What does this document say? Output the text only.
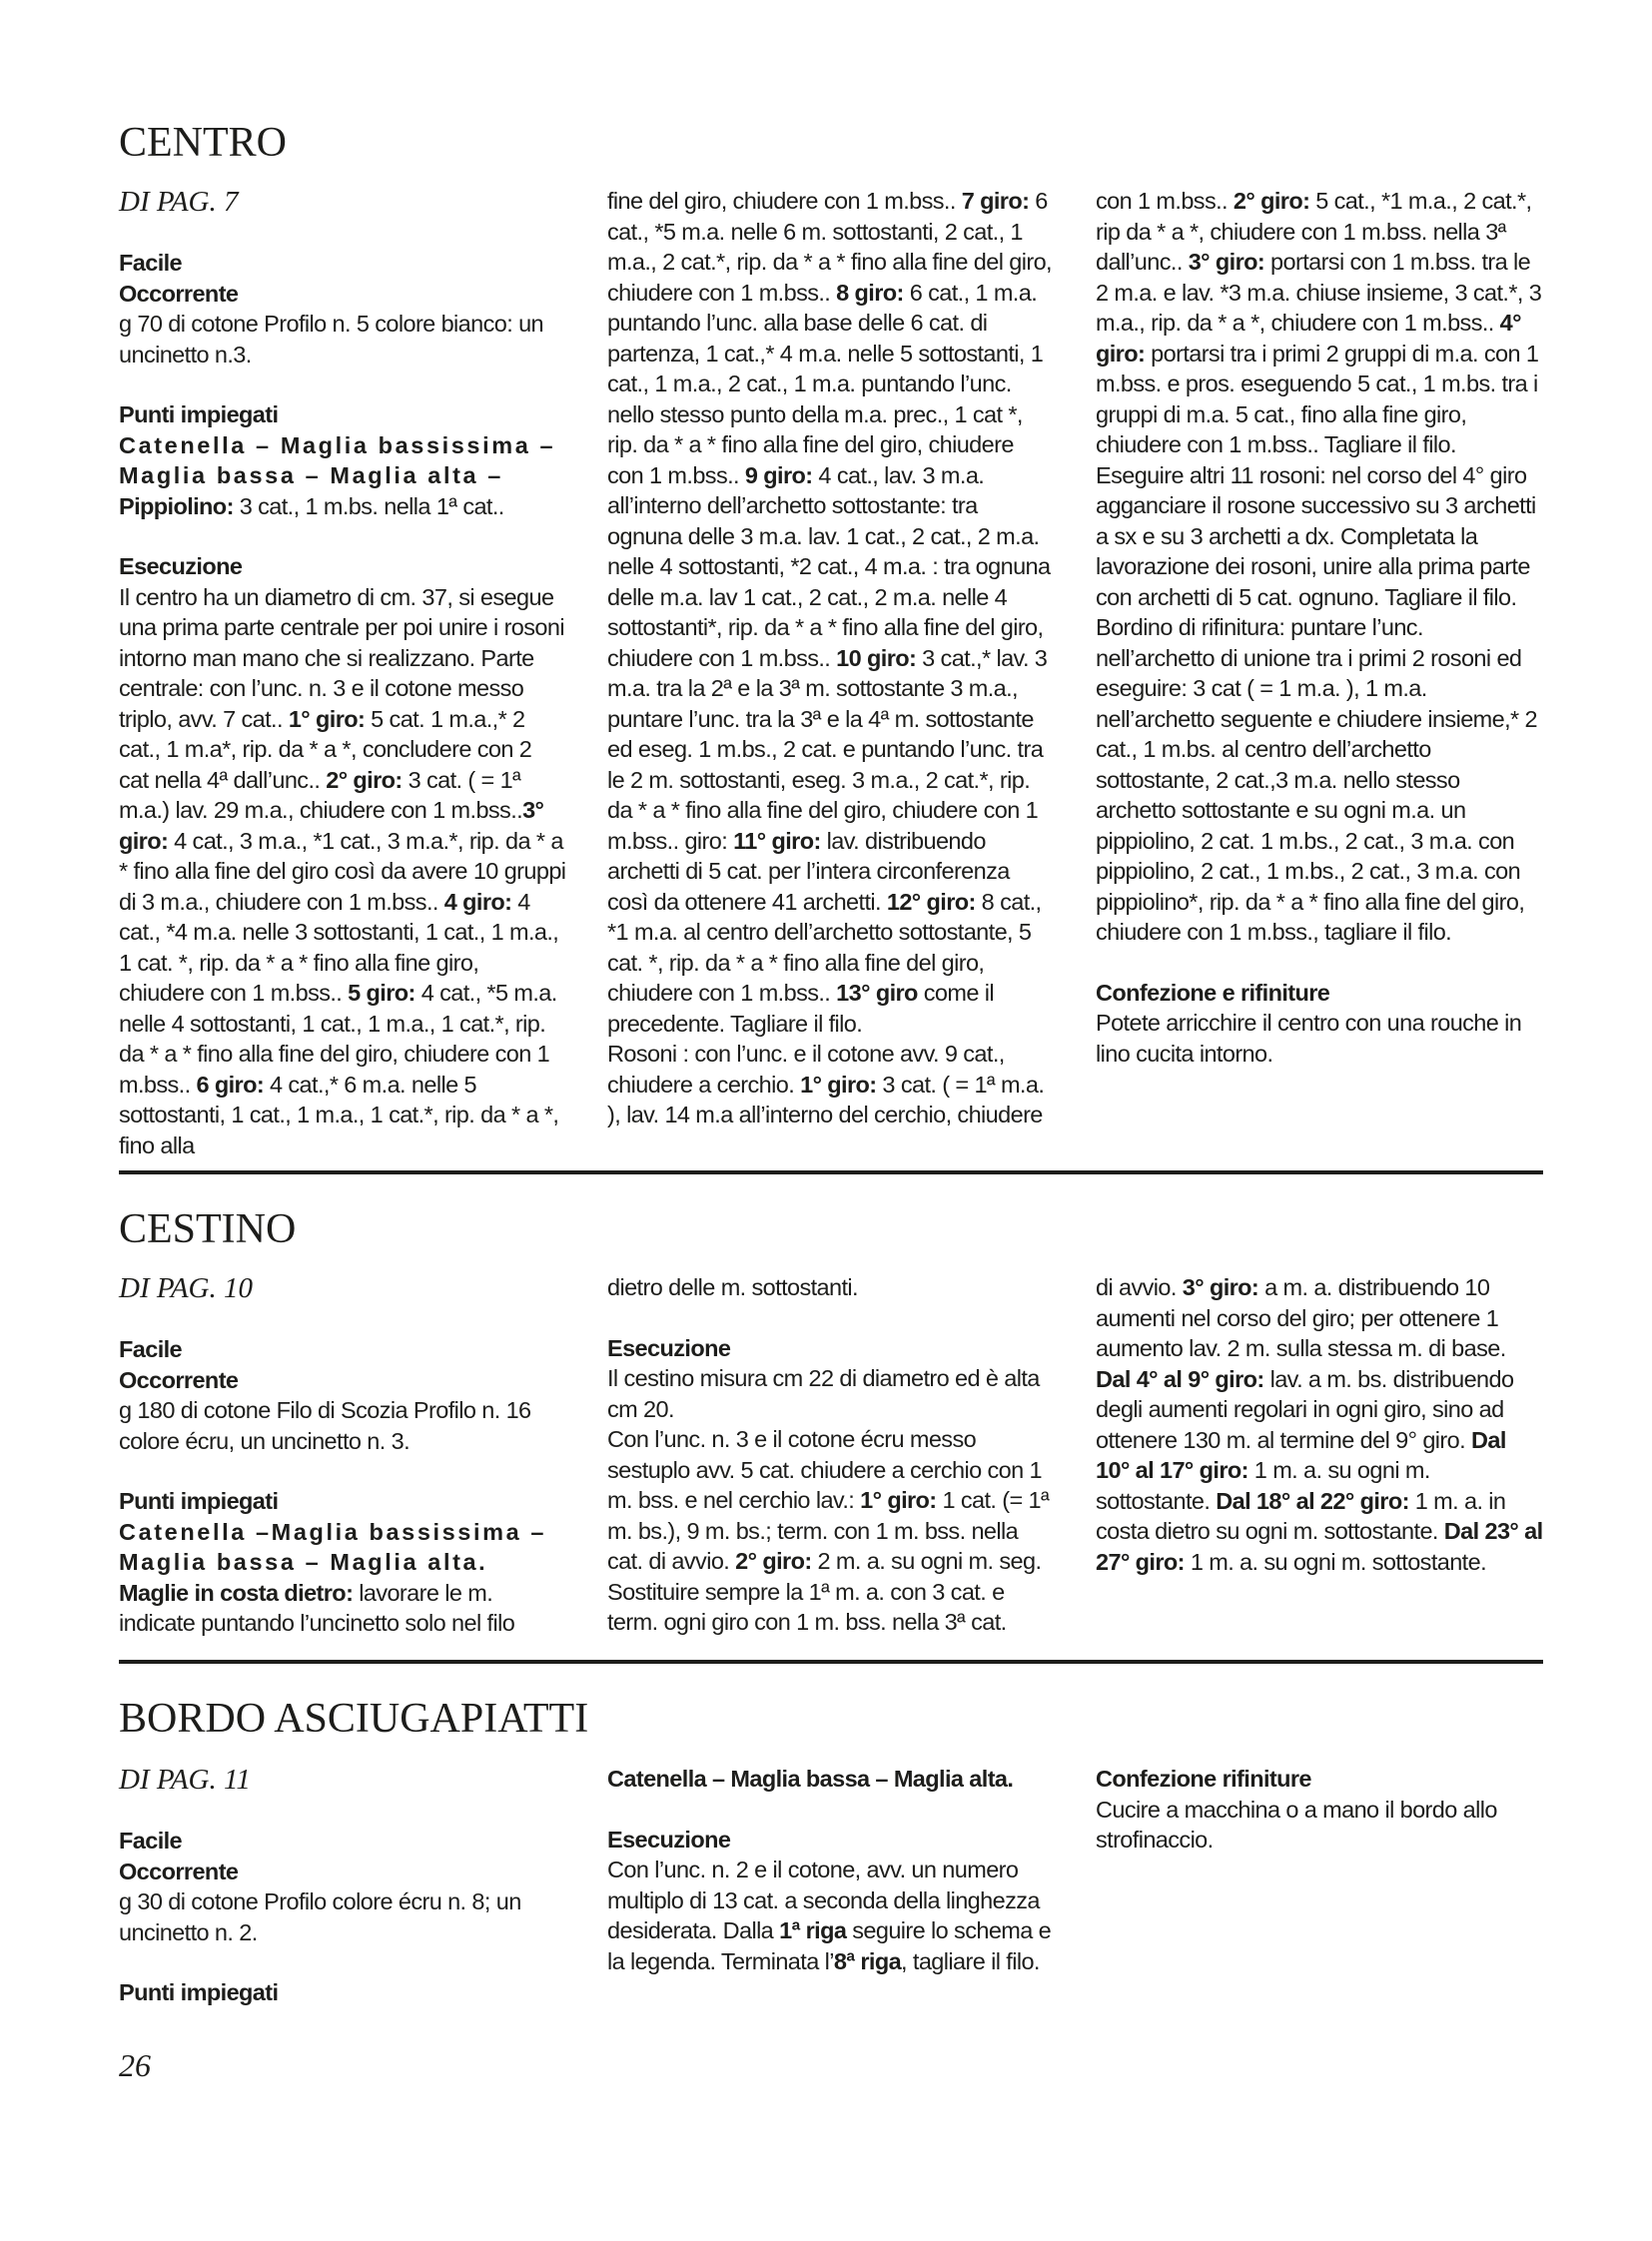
CENTRO
DI PAG. 7

Facile

Occorrente

g 70 di cotone Profilo n. 5 colore bianco: un uncinetto n.3.

Punti impiegati

Catenella – Maglia bassissima – Maglia bassa – Maglia alta –

Pippiolino: 3 cat., 1 m.bs. nella 1ª cat..

Esecuzione

Il centro ha un diametro di cm. 37, si esegue una prima parte centrale per poi unire i rosoni intorno man mano che si realizzano. Parte centrale: con l’unc. n. 3 e il cotone messo triplo, avv. 7 cat.. 1° giro: 5 cat. 1 m.a.,* 2 cat., 1 m.a*, rip. da * a *, concludere con 2 cat nella 4ª dall’unc.. 2° giro: 3 cat. ( = 1ª m.a.) lav. 29 m.a., chiudere con 1 m.bss..3° giro: 4 cat., 3 m.a., *1 cat., 3 m.a.*, rip. da * a * fino alla fine del giro così da avere 10 gruppi di 3 m.a., chiudere con 1 m.bss.. 4 giro: 4 cat., *4 m.a. nelle 3 sottostanti, 1 cat., 1 m.a., 1 cat. *, rip. da * a * fino alla fine giro, chiudere con 1 m.bss.. 5 giro: 4 cat., *5 m.a. nelle 4 sottostanti, 1 cat., 1 m.a., 1 cat.*, rip. da * a * fino alla fine del giro, chiudere con 1 m.bss.. 6 giro: 4 cat.,* 6 m.a. nelle 5 sottostanti, 1 cat., 1 m.a., 1 cat.*, rip. da * a *, fino alla

fine del giro, chiudere con 1 m.bss.. 7 giro: 6 cat., *5 m.a. nelle 6 m. sottostanti, 2 cat., 1 m.a., 2 cat.*, rip. da * a * fino alla fine del giro, chiudere con 1 m.bss.. 8 giro: 6 cat., 1 m.a. puntando l’unc. alla base delle 6 cat. di partenza, 1 cat.,* 4 m.a. nelle 5 sottostanti, 1 cat., 1 m.a., 2 cat., 1 m.a. puntando l’unc. nello stesso punto della m.a. prec., 1 cat *, rip. da * a * fino alla fine del giro, chiudere con 1 m.bss.. 9 giro: 4 cat., lav. 3 m.a. all’interno dell’archetto sottostante: tra ognuna delle 3 m.a. lav. 1 cat., 2 cat., 2 m.a. nelle 4 sottostanti, *2 cat., 4 m.a. : tra ognuna delle m.a. lav 1 cat., 2 cat., 2 m.a. nelle 4 sottostanti*, rip. da * a * fino alla fine del giro, chiudere con 1 m.bss.. 10 giro: 3 cat.,* lav. 3 m.a. tra la 2ª e la 3ª m. sottostante 3 m.a., puntare l’unc. tra la 3ª e la 4ª m. sottostante ed eseg. 1 m.bs., 2 cat. e puntando l’unc. tra le 2 m. sottostanti, eseg. 3 m.a., 2 cat.*, rip. da * a * fino alla fine del giro, chiudere con 1 m.bss.. giro: 11° giro: lav. distribuendo archetti di 5 cat. per l’intera circonferenza così da ottenere 41 archetti. 12° giro: 8 cat., *1 m.a. al centro dell’archetto sottostante, 5 cat. *, rip. da * a * fino alla fine del giro, chiudere con 1 m.bss.. 13° giro come il precedente. Tagliare il filo.

Rosoni : con l’unc. e il cotone avv. 9 cat., chiudere a cerchio. 1° giro: 3 cat. ( = 1ª m.a. ), lav. 14 m.a all’interno del cerchio, chiudere

con 1 m.bss.. 2° giro: 5 cat., *1 m.a., 2 cat.*, rip da * a *, chiudere con 1 m.bss. nella 3ª dall’unc.. 3° giro: portarsi con 1 m.bss. tra le 2 m.a. e lav. *3 m.a. chiuse insieme, 3 cat.*, 3 m.a., rip. da * a *, chiudere con 1 m.bss.. 4° giro: portarsi tra i primi 2 gruppi di m.a. con 1 m.bss. e pros. eseguendo 5 cat., 1 m.bs. tra i gruppi di m.a. 5 cat., fino alla fine giro, chiudere con 1 m.bss.. Tagliare il filo. Eseguire altri 11 rosoni: nel corso del 4° giro agganciare il rosone successivo su 3 archetti a sx e su 3 archetti a dx. Completata la lavorazione dei rosoni, unire alla prima parte con archetti di 5 cat. ognuno. Tagliare il filo. Bordino di rifinitura: puntare l’unc. nell’archetto di unione tra i primi 2 rosoni ed eseguire: 3 cat ( = 1 m.a. ), 1 m.a. nell’archetto seguente e chiudere insieme,* 2 cat., 1 m.bs. al centro dell’archetto sottostante, 2 cat.,3 m.a. nello stesso archetto sottostante e su ogni m.a. un pippiolino, 2 cat. 1 m.bs., 2 cat., 3 m.a. con pippiolino, 2 cat., 1 m.bs., 2 cat., 3 m.a. con pippiolino*, rip. da * a * fino alla fine del giro, chiudere con 1 m.bss., tagliare il filo.

Confezione e rifiniture

Potete arricchire il centro con una rouche in lino cucita intorno.

CESTINO
DI PAG. 10

Facile

Occorrente

g 180 di cotone Filo di Scozia Profilo n. 16 colore écru, un uncinetto n. 3.

Punti impiegati

Catenella –Maglia bassissima – Maglia bassa – Maglia alta.

Maglie in costa dietro: lavorare le m. indicate puntando l’uncinetto solo nel filo

dietro delle m. sottostanti.

Esecuzione

Il cestino misura cm 22 di diametro ed è alta cm 20.

Con l’unc. n. 3 e il cotone écru messo sestuplo avv. 5 cat. chiudere a cerchio con 1 m. bss. e nel cerchio lav.: 1° giro: 1 cat. (= 1ª m. bs.), 9 m. bs.; term. con 1 m. bss. nella cat. di avvio. 2° giro: 2 m. a. su ogni m. seg. Sostituire sempre la 1ª m. a. con 3 cat. e term. ogni giro con 1 m. bss. nella 3ª cat.

di avvio. 3° giro: a m. a. distribuendo 10 aumenti nel corso del giro; per ottenere 1 aumento lav. 2 m. sulla stessa m. di base. Dal 4° al 9° giro: lav. a m. bs. distribuendo degli aumenti regolari in ogni giro, sino ad ottenere 130 m. al termine del 9° giro. Dal 10° al 17° giro: 1 m. a. su ogni m. sottostante. Dal 18° al 22° giro: 1 m. a. in costa dietro su ogni m. sottostante. Dal 23° al 27° giro: 1 m. a. su ogni m. sottostante.

BORDO ASCIUGAPIATTI
DI PAG. 11

Facile

Occorrente

g 30 di cotone Profilo colore écru n. 8; un uncinetto n. 2.

Punti impiegati

Catenella – Maglia bassa – Maglia alta.

Esecuzione

Con l’unc. n. 2 e il cotone, avv. un numero multiplo di 13 cat. a seconda della linghezza desiderata. Dalla 1ª riga seguire lo schema e la legenda. Terminata l’8ª riga, tagliare il filo.

Confezione rifiniture

Cucire a macchina o a mano il bordo allo strofinaccio.

26
